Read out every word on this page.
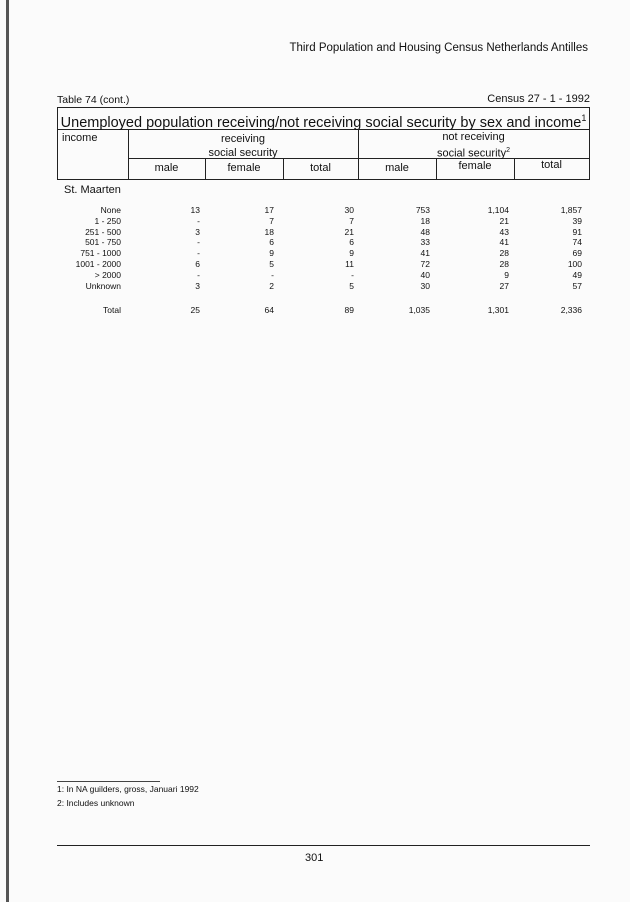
Third Population and Housing Census Netherlands Antilles
Table 74 (cont.)	Census 27 - 1 - 1992
Unemployed population receiving/not receiving social security by sex and income$^1$
income	receiving
social security
not receiving
social security$^2$
male	female	total	male	female	total
St. Maarten
None	13	17	30	753	1,104	1,857
1 - 250	-	7	7	18	21	39
251 - 500	3	18	21	48	43	91
501 - 750	-	6	6	33	41	74
751 - 1000	-	9	9	41	28	69
1001 - 2000	6	5	11	72	28	100
> 2000	-	-	-	40	9	49
Unknown	3	2	5	30	27	57
Total	25	64	89	1,035	1,301	2,336
1: In NA guilders, gross, Januari 1992
2: Includes unknown
301
